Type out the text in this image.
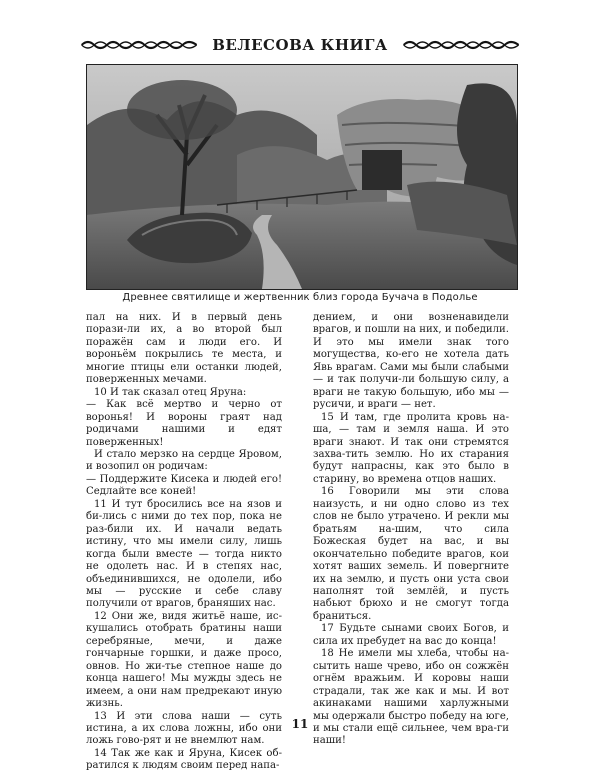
ВЕЛЕСОВА КНИГА
Древнее святилище и жертвенник близ города Бучача в Подолье

пал на них. И в первый день порази-ли их, а во второй был поражён сам и люди его. И вороньём покрылись те места, и многие птицы ели останки людей, поверженных мечами.

10 И так сказал отец Яруна:

— Как всё мертво и черно от воронья! И вороны граят над родичами нашими и едят поверженных!

И стало мерзко на сердце Яровом, и возопил он родичам:

— Поддержите Кисека и людей его! Седлайте все коней!

11 И тут бросились все на язов и би-лись с ними до тех пор, пока не раз-били их. И начали ведать истину, что мы имели силу, лишь когда были вместе — тогда никто не одолеть нас. И в степях нас, объединившихся, не одолели, ибо мы — русские и себе славу получили от врагов, браняших нас.

12 Они же, видя житьё наше, ис-кушались отобрать братины наши серебряные, мечи, и даже гончарные горшки, и даже просо, овнов. Но жи-тье степное наше до конца нашего! Мы мужды здесь не имеем, а они нам предрекают иную жизнь.

13 И эти слова наши — суть истина, а их слова ложны, ибо они ложь гово-рят и не внемлют нам.

14 Так же как и Яруна, Кисек об-ратился к людям своим перед напа-

дением, и они возненавидели врагов, и пошли на них, и победили. И это мы имели знак того могущества, ко-его не хотела дать Явь врагам. Сами мы были слабыми — и так получи-ли большую силу, а враги не такую большую, ибо мы — русичи, и враги — нет.

15 И там, где пролита кровь на-ша, — там и земля наша. И это враги знают. И так они стремятся захва-тить землю. Но их старания будут напрасны, как это было в старину, во времена отцов наших.

16 Говорили мы эти слова наизусть, и ни одно слово из тех слов не было утрачено. И рекли мы братьям на-шим, что сила Божеская будет на вас, и вы окончательно победите врагов, кои хотят ваших земель. И повергните их на землю, и пусть они уста свои наполнят той землёй, и пусть набьют брюхо и не смогут тогда браниться.

17 Будьте сынами своих Богов, и сила их пребудет на вас до конца!

18 Не имели мы хлеба, чтобы на-сытить наше чрево, ибо он сожжён огнём вражьим. И коровы наши страдали, так же как и мы. И вот акинаками нашими харлужными мы одержали быстро победу на юге, и мы стали ещё сильнее, чем вра-ги наши!

11
